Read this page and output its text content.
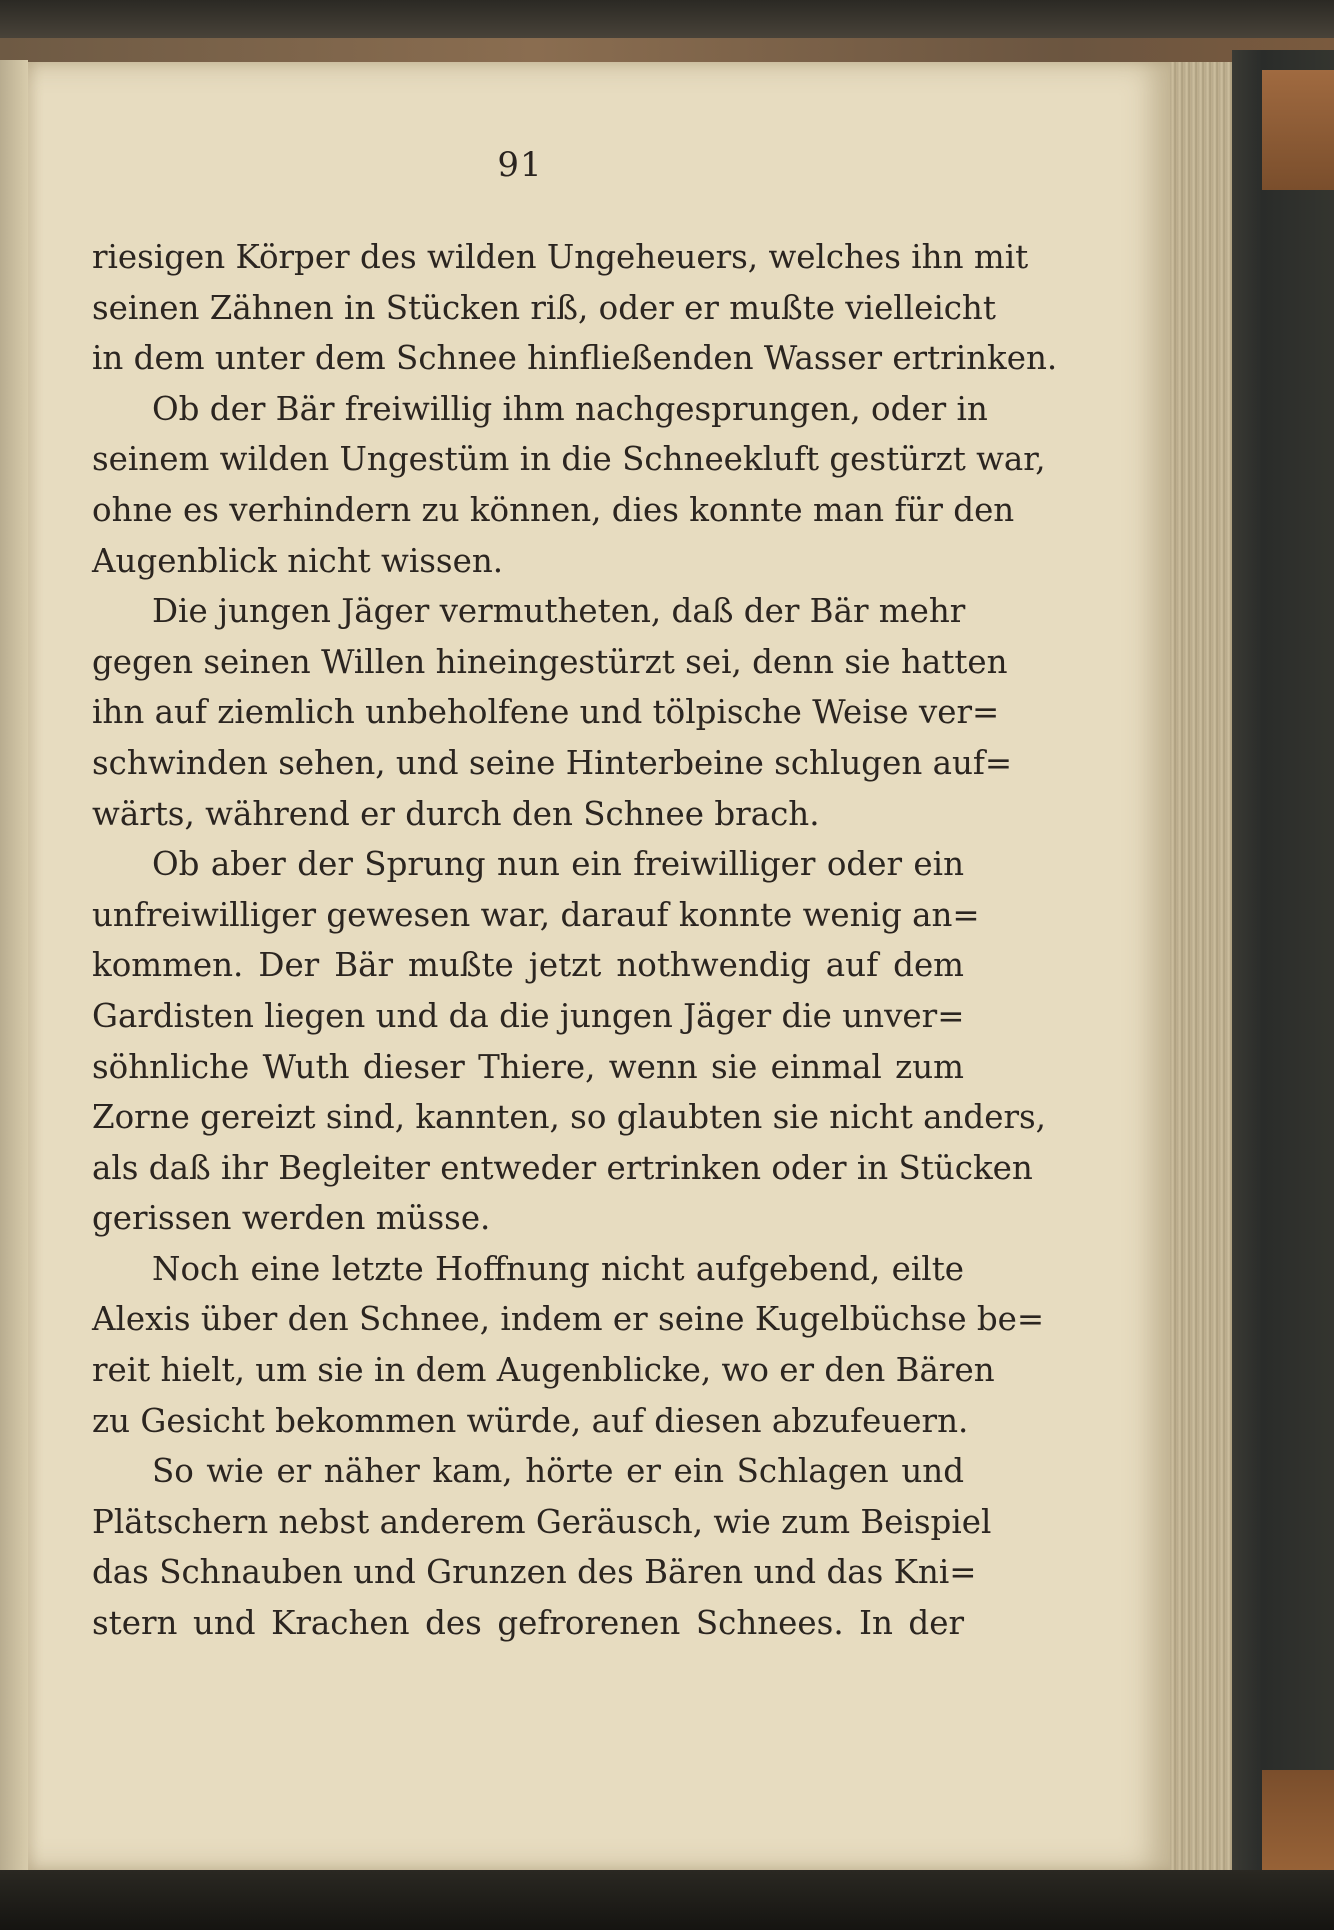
91
riesigen Körper des wilden Ungeheuers, welches ihn mit
seinen Zähnen in Stücken riß, oder er mußte vielleicht
in dem unter dem Schnee hinfließenden Wasser ertrinken.
Ob der Bär freiwillig ihm nachgesprungen, oder in
seinem wilden Ungestüm in die Schneekluft gestürzt war,
ohne es verhindern zu können, dies konnte man für den
Augenblick nicht wissen.
Die jungen Jäger vermutheten, daß der Bär mehr
gegen seinen Willen hineingestürzt sei, denn sie hatten
ihn auf ziemlich unbeholfene und tölpische Weise ver=
schwinden sehen, und seine Hinterbeine schlugen auf=
wärts, während er durch den Schnee brach.
Ob aber der Sprung nun ein freiwilliger oder ein
unfreiwilliger gewesen war, darauf konnte wenig an=
kommen. Der Bär mußte jetzt nothwendig auf dem
Gardisten liegen und da die jungen Jäger die unver=
söhnliche Wuth dieser Thiere, wenn sie einmal zum
Zorne gereizt sind, kannten, so glaubten sie nicht anders,
als daß ihr Begleiter entweder ertrinken oder in Stücken
gerissen werden müsse.
Noch eine letzte Hoffnung nicht aufgebend, eilte
Alexis über den Schnee, indem er seine Kugelbüchse be=
reit hielt, um sie in dem Augenblicke, wo er den Bären
zu Gesicht bekommen würde, auf diesen abzufeuern.
So wie er näher kam, hörte er ein Schlagen und
Plätschern nebst anderem Geräusch, wie zum Beispiel
das Schnauben und Grunzen des Bären und das Kni=
stern und Krachen des gefrorenen Schnees. In der
